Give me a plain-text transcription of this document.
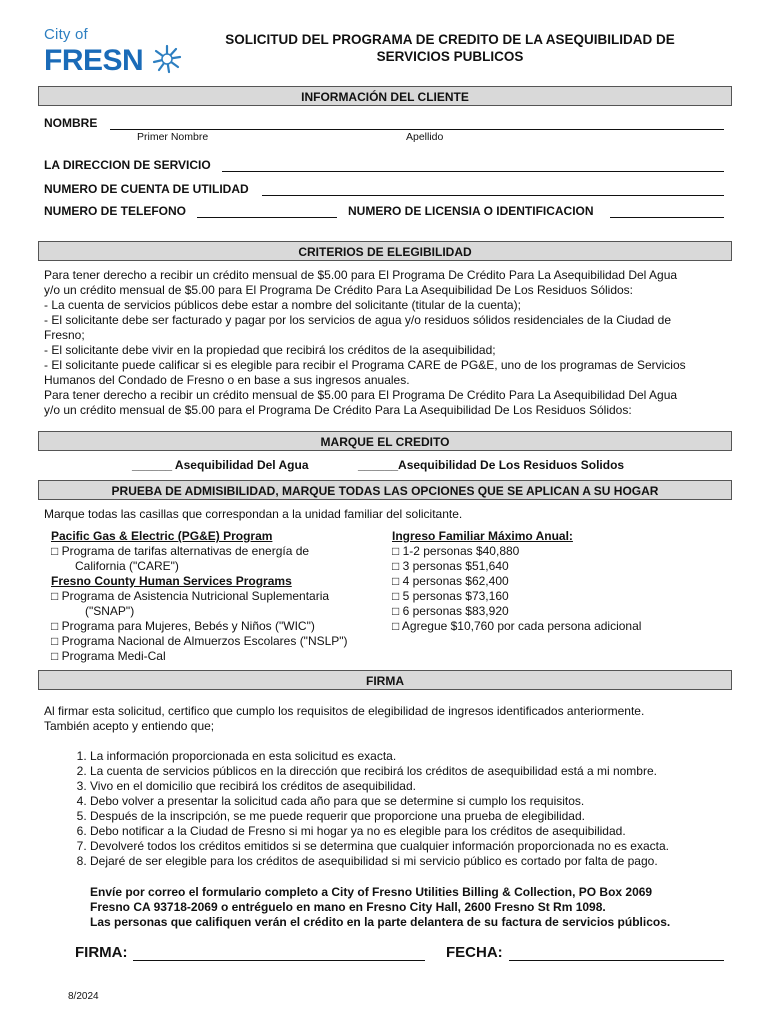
City of
FRESN
SOLICITUD DEL PROGRAMA DE CREDITO DE LA ASEQUIBILIDAD DE
SERVICIOS PUBLICOS
INFORMACIÓN DEL CLIENTE
NOMBRE
Primer Nombre	Apellido
LA DIRECCION DE SERVICIO
NUMERO DE CUENTA DE UTILIDAD
NUMERO DE TELEFONO	NUMERO DE LICENSIA O IDENTIFICACION
CRITERIOS DE ELEGIBILIDAD
Para tener derecho a recibir un crédito mensual de $5.00 para El Programa De Crédito Para La Asequibilidad Del Agua
y/o un crédito mensual de $5.00 para El Programa De Crédito Para La Asequibilidad De Los Residuos Sólidos:
- La cuenta de servicios públicos debe estar a nombre del solicitante (titular de la cuenta);
- El solicitante debe ser facturado y pagar por los servicios de agua y/o residuos sólidos residenciales de la Ciudad de
Fresno;
- El solicitante debe vivir en la propiedad que recibirá los créditos de la asequibilidad;
- El solicitante puede calificar si es elegible para recibir el Programa CARE de PG&E, uno de los programas de Servicios
Humanos del Condado de Fresno o en base a sus ingresos anuales.
Para tener derecho a recibir un crédito mensual de $5.00 para El Programa De Crédito Para La Asequibilidad Del Agua
y/o un crédito mensual de $5.00 para el Programa De Crédito Para La Asequibilidad De Los Residuos Sólidos:
MARQUE EL CREDITO
______ Asequibilidad Del Agua	______Asequibilidad De Los Residuos Solidos
PRUEBA DE ADMISIBILIDAD, MARQUE TODAS LAS OPCIONES QUE SE APLICAN A SU HOGAR
Marque todas las casillas que correspondan a la unidad familiar del solicitante.
Pacific Gas & Electric (PG&E) Program
□ Programa de tarifas alternativas de energía de
California ("CARE")
Fresno County Human Services Programs
□ Programa de Asistencia Nutricional Suplementaria
("SNAP")
□ Programa para Mujeres, Bebés y Niños ("WIC")
□ Programa Nacional de Almuerzos Escolares ("NSLP")
□ Programa Medi-Cal
Ingreso Familiar Máximo Anual:
□ 1-2 personas $40,880
□ 3 personas $51,640
□ 4 personas $62,400
□ 5 personas $73,160
□ 6 personas $83,920
□ Agregue $10,760 por cada persona adicional
FIRMA
Al firmar esta solicitud, certifico que cumplo los requisitos de elegibilidad de ingresos identificados anteriormente.
También acepto y entiendo que;
1. La información proporcionada en esta solicitud es exacta.
2. La cuenta de servicios públicos en la dirección que recibirá los créditos de asequibilidad está a mi nombre.
3. Vivo en el domicilio que recibirá los créditos de asequibilidad.
4. Debo volver a presentar la solicitud cada año para que se determine si cumplo los requisitos.
5. Después de la inscripción, se me puede requerir que proporcione una prueba de elegibilidad.
6. Debo notificar a la Ciudad de Fresno si mi hogar ya no es elegible para los créditos de asequibilidad.
7. Devolveré todos los créditos emitidos si se determina que cualquier información proporcionada no es exacta.
8. Dejaré de ser elegible para los créditos de asequibilidad si mi servicio público es cortado por falta de pago.
Envíe por correo el formulario completo a City of Fresno Utilities Billing & Collection, PO Box 2069
Fresno CA 93718-2069 o entréguelo en mano en Fresno City Hall, 2600 Fresno St Rm 1098.
Las personas que califiquen verán el crédito en la parte delantera de su factura de servicios públicos.
FIRMA:	FECHA:
8/2024
